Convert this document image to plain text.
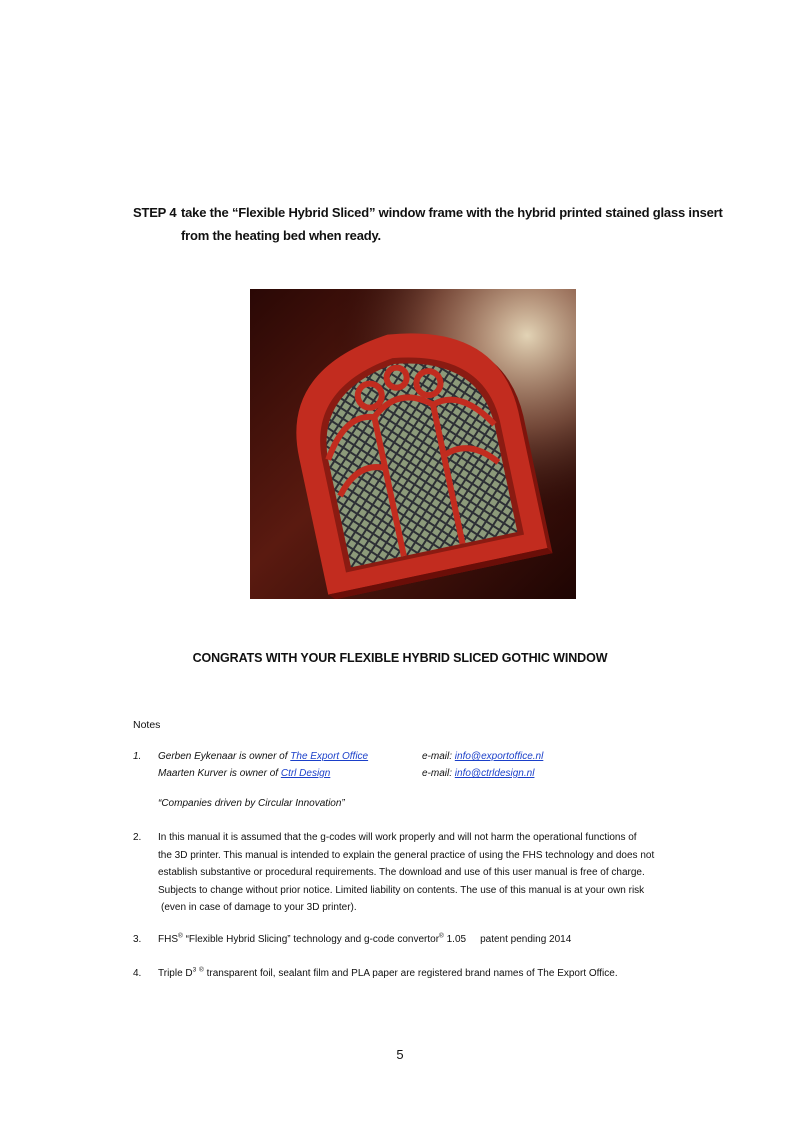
STEP 4 take the “Flexible Hybrid Sliced” window frame with the hybrid printed stained glass insert
from the heating bed when ready.
CONGRATS WITH YOUR FLEXIBLE HYBRID SLICED GOTHIC WINDOW
Notes
1. Gerben Eykenaar is owner of The Export Office	e-mail: info@exportoffice.nl
Maarten Kurver is owner of Ctrl Design	e-mail: info@ctrldesign.nl
“Companies driven by Circular Innovation”
2. In this manual it is assumed that the g-codes will work properly and will not harm the operational functions of
the 3D printer. This manual is intended to explain the general practice of using the FHS technology and does not
establish substantive or procedural requirements. The download and use of this user manual is free of charge.
Subjects to change without prior notice. Limited liability on contents. The use of this manual is at your own risk
(even in case of damage to your 3D printer).
3. FHS® “Flexible Hybrid Slicing” technology and g-code convertor® 1.05 patent pending 2014
4. Triple $D^3$ ® transparent foil, sealant film and PLA paper are registered brand names of The Export Office.
5
